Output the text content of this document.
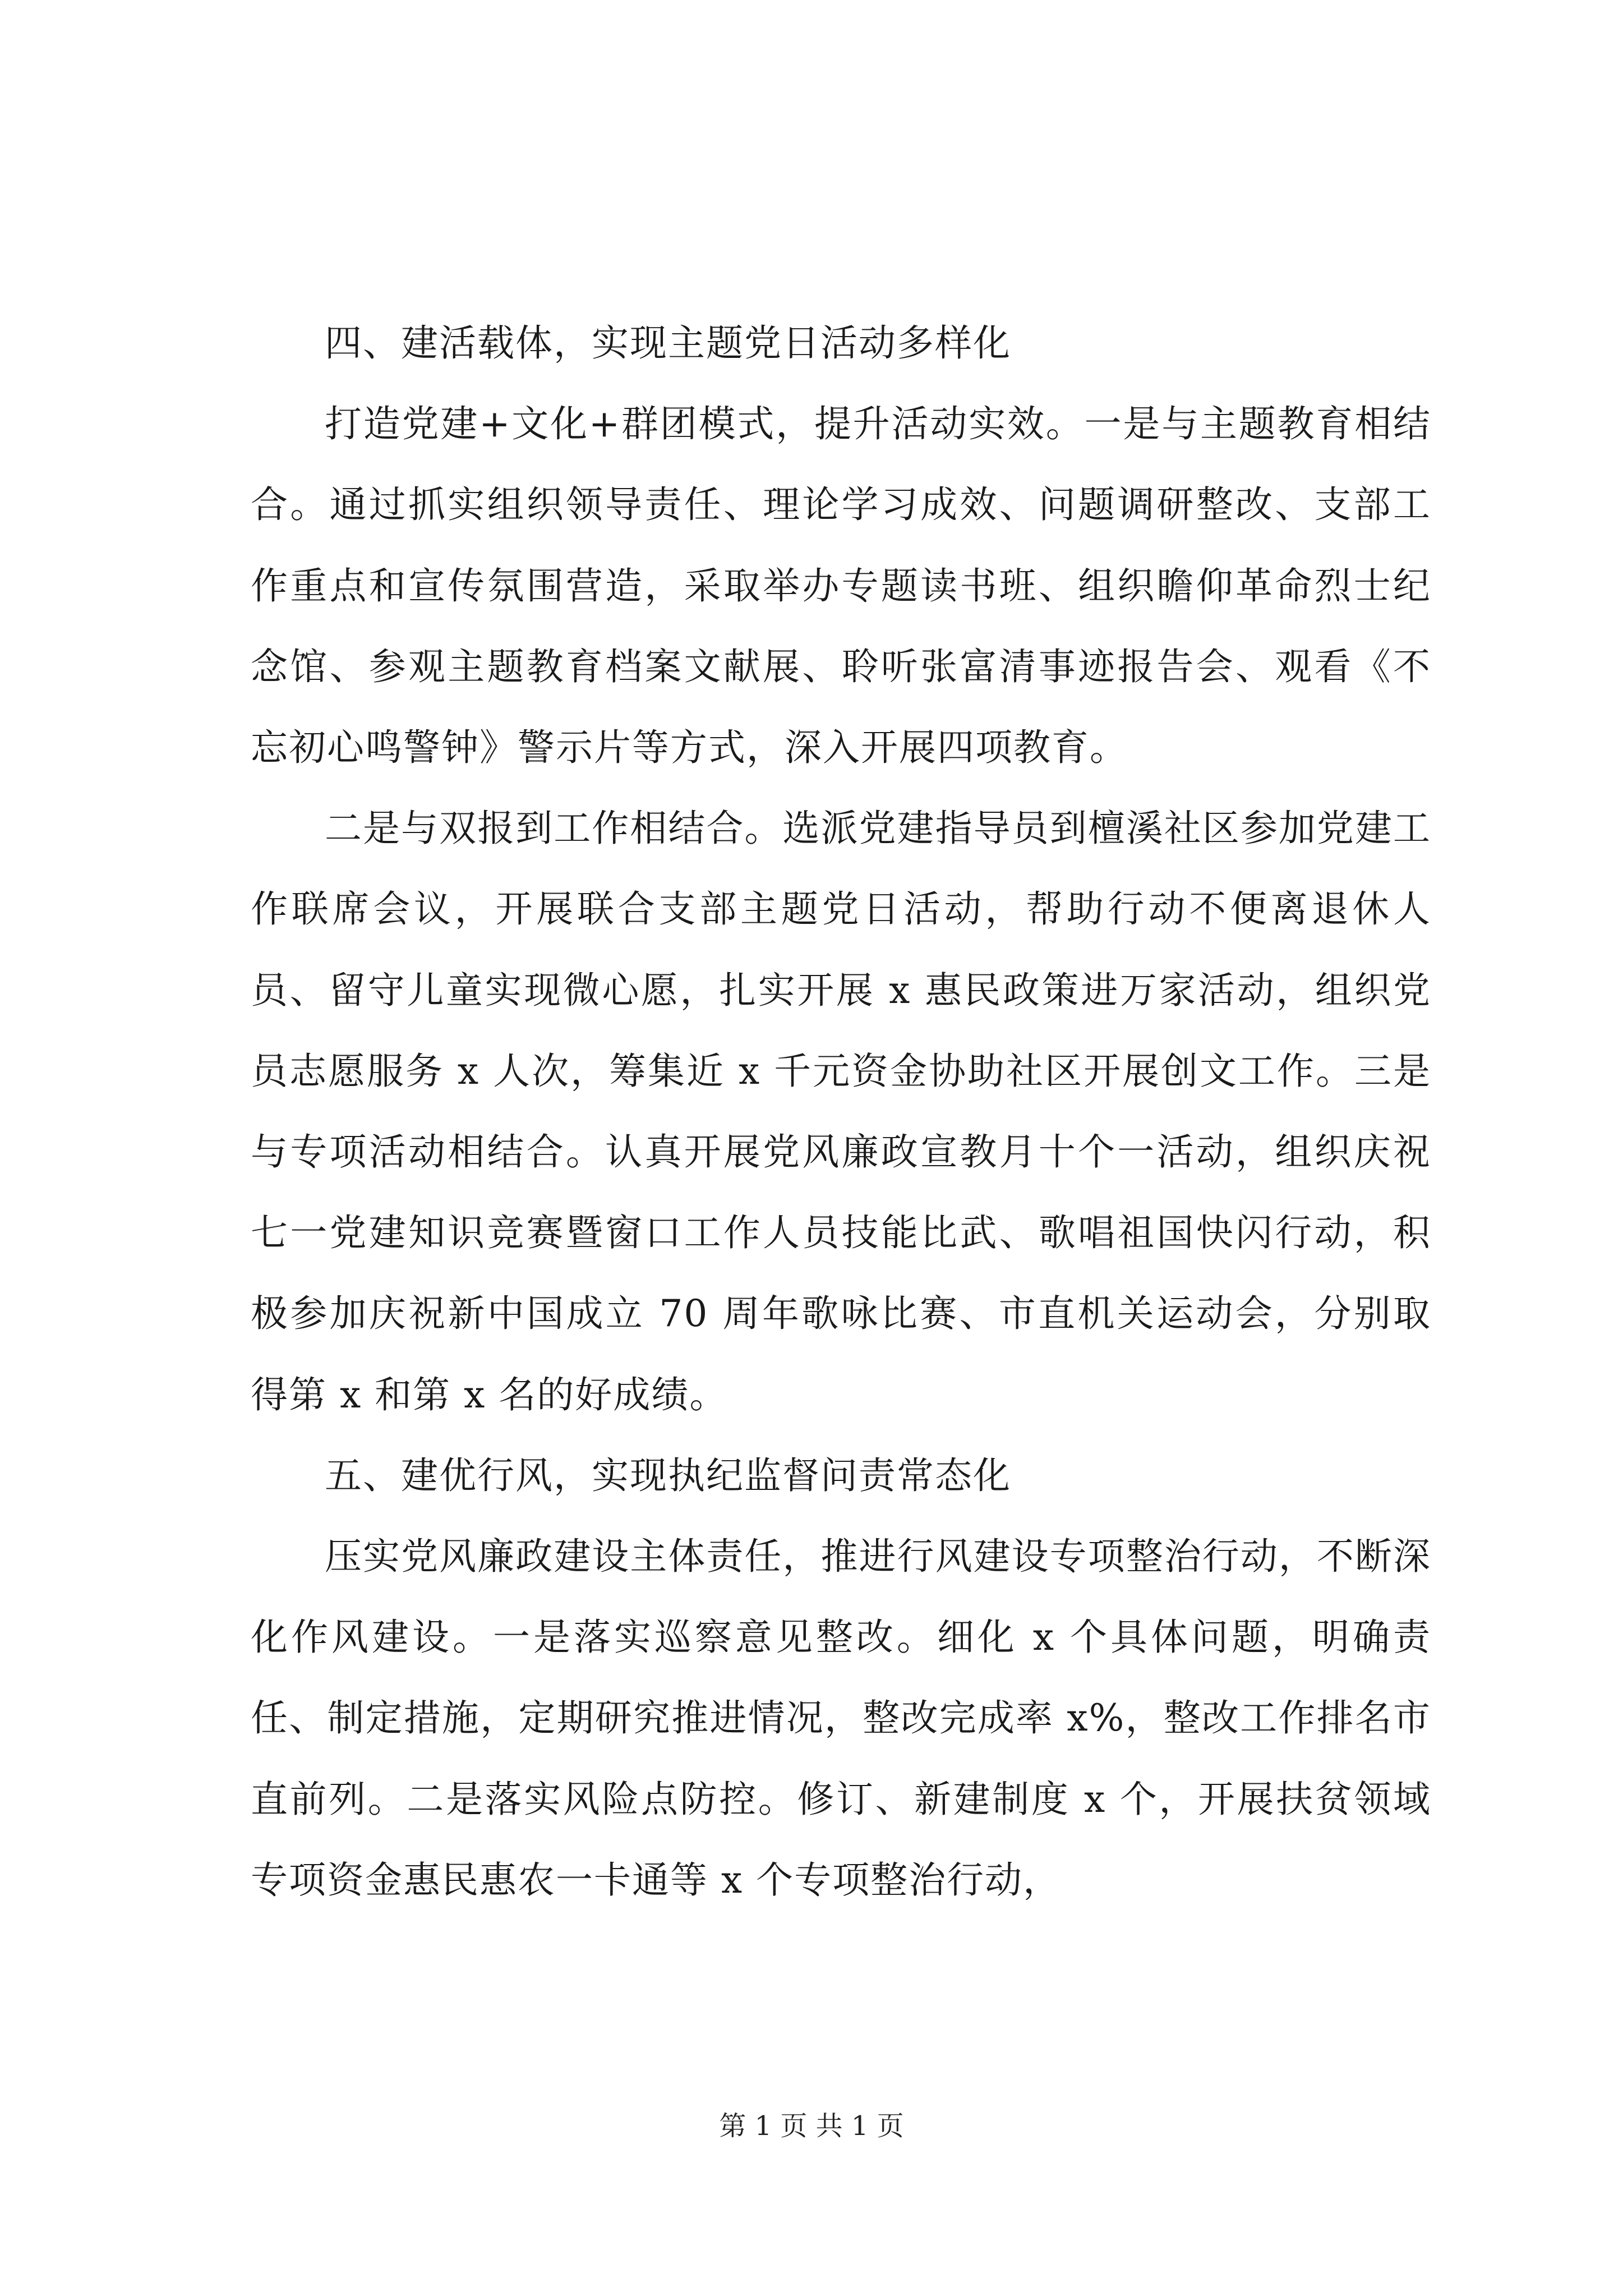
四、建活载体，实现主题党日活动多样化

打造党建+文化+群团模式，提升活动实效。一是与主题教育相结合。通过抓实组织领导责任、理论学习成效、问题调研整改、支部工作重点和宣传氛围营造，采取举办专题读书班、组织瞻仰革命烈士纪念馆、参观主题教育档案文献展、聆听张富清事迹报告会、观看《不忘初心鸣警钟》警示片等方式，深入开展四项教育。

二是与双报到工作相结合。选派党建指导员到檀溪社区参加党建工作联席会议，开展联合支部主题党日活动，帮助行动不便离退休人员、留守儿童实现微心愿，扎实开展 x 惠民政策进万家活动，组织党员志愿服务 x 人次，筹集近 x 千元资金协助社区开展创文工作。三是与专项活动相结合。认真开展党风廉政宣教月十个一活动，组织庆祝七一党建知识竞赛暨窗口工作人员技能比武、歌唱祖国快闪行动，积极参加庆祝新中国成立 70 周年歌咏比赛、市直机关运动会，分别取得第 x 和第 x 名的好成绩。

五、建优行风，实现执纪监督问责常态化

压实党风廉政建设主体责任，推进行风建设专项整治行动，不断深化作风建设。一是落实巡察意见整改。细化 x 个具体问题，明确责任、制定措施，定期研究推进情况，整改完成率 x%，整改工作排名市直前列。二是落实风险点防控。修订、新建制度 x 个，开展扶贫领域专项资金惠民惠农一卡通等 x 个专项整治行动，

第 1 页 共 1 页
